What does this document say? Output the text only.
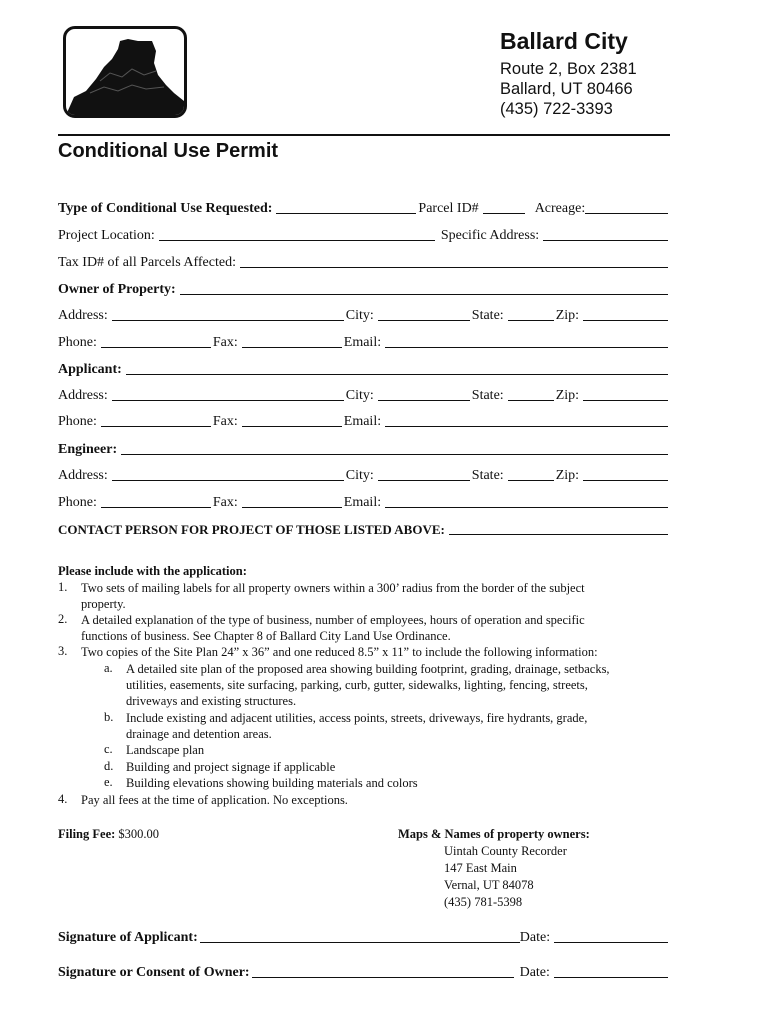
Ballard City
Route 2, Box 2381
Ballard, UT 80466
(435) 722-3393
Conditional Use Permit
Type of Conditional Use Requested:	Parcel ID#	Acreage:
Project Location:	Specific Address:
Tax ID# of all Parcels Affected:
Owner of Property:
Address:	City:	State:	Zip:
Phone:	Fax:	Email:
Applicant:
Address:	City:	State:	Zip:
Phone:	Fax:	Email:
Engineer:
Address:	City:	State:	Zip:
Phone:	Fax:	Email:
CONTACT PERSON FOR PROJECT OF THOSE LISTED ABOVE:
Please include with the application:
1. Two sets of mailing labels for all property owners within a 300’ radius from the border of the subject
property.
2. A detailed explanation of the type of business, number of employees, hours of operation and specific
functions of business. See Chapter 8 of Ballard City Land Use Ordinance.
3. Two copies of the Site Plan 24” x 36” and one reduced 8.5” x 11” to include the following information:
a. A detailed site plan of the proposed area showing building footprint, grading, drainage, setbacks,
utilities, easements, site surfacing, parking, curb, gutter, sidewalks, lighting, fencing, streets,
driveways and existing structures.
b. Include existing and adjacent utilities, access points, streets, driveways, fire hydrants, grade,
drainage and detention areas.
c. Landscape plan
d. Building and project signage if applicable
e. Building elevations showing building materials and colors
4. Pay all fees at the time of application. No exceptions.
Filing Fee: $300.00	Maps & Names of property owners:
Uintah County Recorder
147 East Main
Vernal, UT 84078
(435) 781-5398
Signature of Applicant:	Date:
Signature or Consent of Owner:	Date:
